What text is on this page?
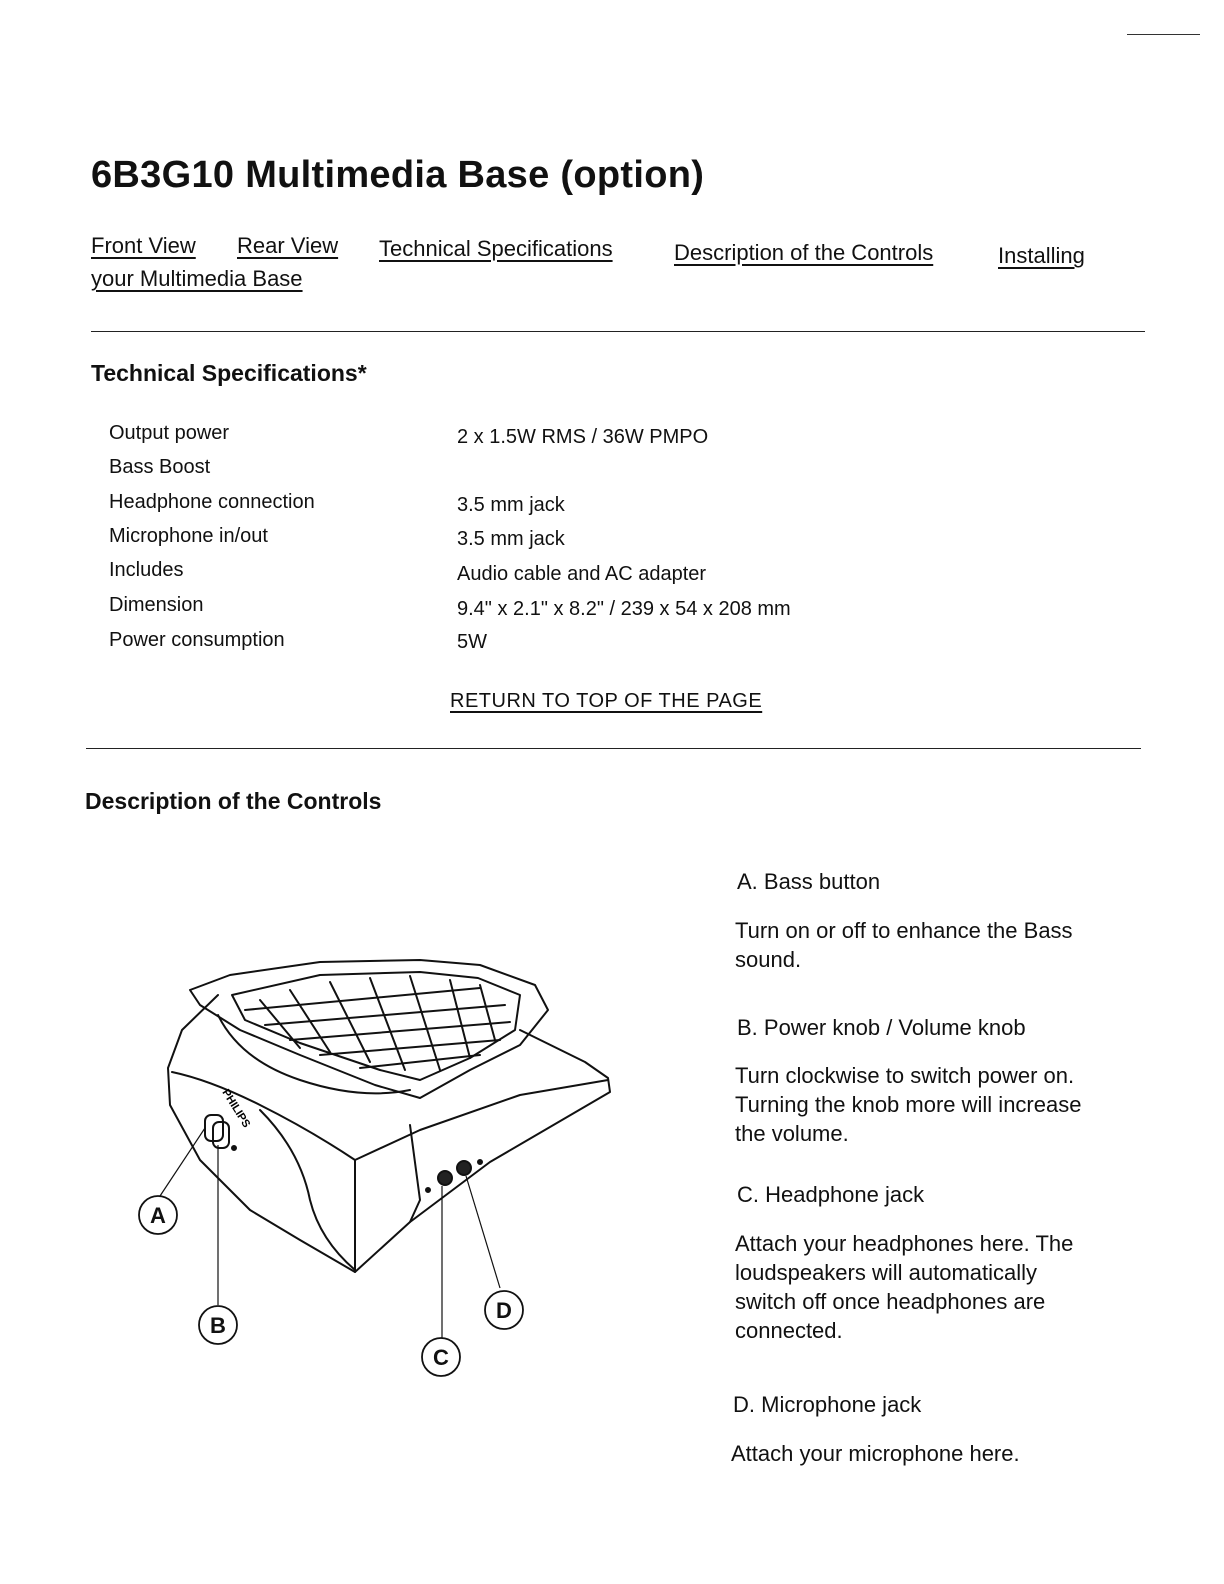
6B3G10 Multimedia Base (option)
Front View Rear View Technical Specifications	Description of the Controls	Installing
your Multimedia Base
Technical Specifications*
Output power	2 x 1.5W RMS / 36W PMPO
Bass Boost
Headphone connection	3.5 mm jack
Microphone in/out	3.5 mm jack
Includes	Audio cable and AC adapter
Dimension	9.4" x 2.1" x 8.2" / 239 x 54 x 208 mm
Power consumption	5W
RETURN TO TOP OF THE PAGE
Description of the Controls
PHILIPS
A
B
C
D
A. Bass button
Turn on or off to enhance the Bass sound.
B. Power knob / Volume knob
Turn clockwise to switch power on. Turning the knob more will increase the volume.
C. Headphone jack
Attach your headphones here. The loudspeakers will automatically switch off once headphones are connected.
D. Microphone jack
Attach your microphone here.
